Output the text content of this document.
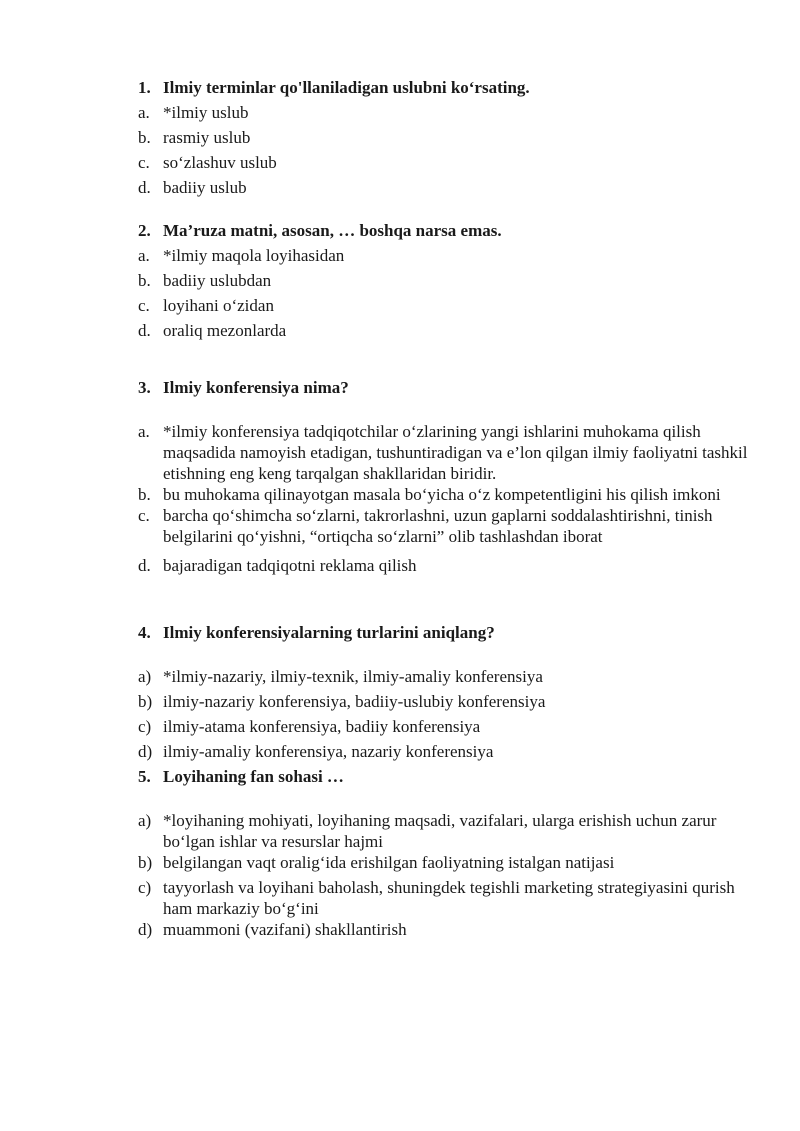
1. Ilmiy terminlar qo'llaniladigan uslubni ko‘rsating.
a. *ilmiy uslub
b. rasmiy uslub
c. so‘zlashuv uslub
d. badiiy uslub
2. Ma’ruza matni, asosan, … boshqa narsa emas.
a. *ilmiy maqola loyihasidan
b. badiiy uslubdan
c. loyihani o‘zidan
d. oraliq mezonlarda
3. Ilmiy konferensiya nima?
a. *ilmiy konferensiya tadqiqotchilar o‘zlarining yangi ishlarini muhokama qilish maqsadida namoyish etadigan, tushuntiradigan va e’lon qilgan ilmiy faoliyatni tashkil etishning eng keng tarqalgan shakllaridan biridir.
b. bu muhokama qilinayotgan masala bo‘yicha o‘z kompetentligini his qilish imkoni
c. barcha qo‘shimcha so‘zlarni, takrorlashni, uzun gaplarni soddalashtirishni, tinish belgilarini qo‘yishni, “ortiqcha so‘zlarni” olib tashlashdan iborat
d. bajaradigan tadqiqotni reklama qilish
4. Ilmiy konferensiyalarning turlarini aniqlang?
a) *ilmiy-nazariy, ilmiy-texnik, ilmiy-amaliy konferensiya
b) ilmiy-nazariy konferensiya, badiiy-uslubiy konferensiya
c) ilmiy-atama konferensiya, badiiy konferensiya
d) ilmiy-amaliy konferensiya, nazariy konferensiya
5. Loyihaning fan sohasi …
a) *loyihaning mohiyati, loyihaning maqsadi, vazifalari, ularga erishish uchun zarur bo‘lgan ishlar va resurslar hajmi
b) belgilangan vaqt oralig‘ida erishilgan faoliyatning istalgan natijasi
c) tayyorlash va loyihani baholash, shuningdek tegishli marketing strategiyasini qurish ham markaziy bo‘g‘ini
d) muammoni (vazifani) shakllantirish
